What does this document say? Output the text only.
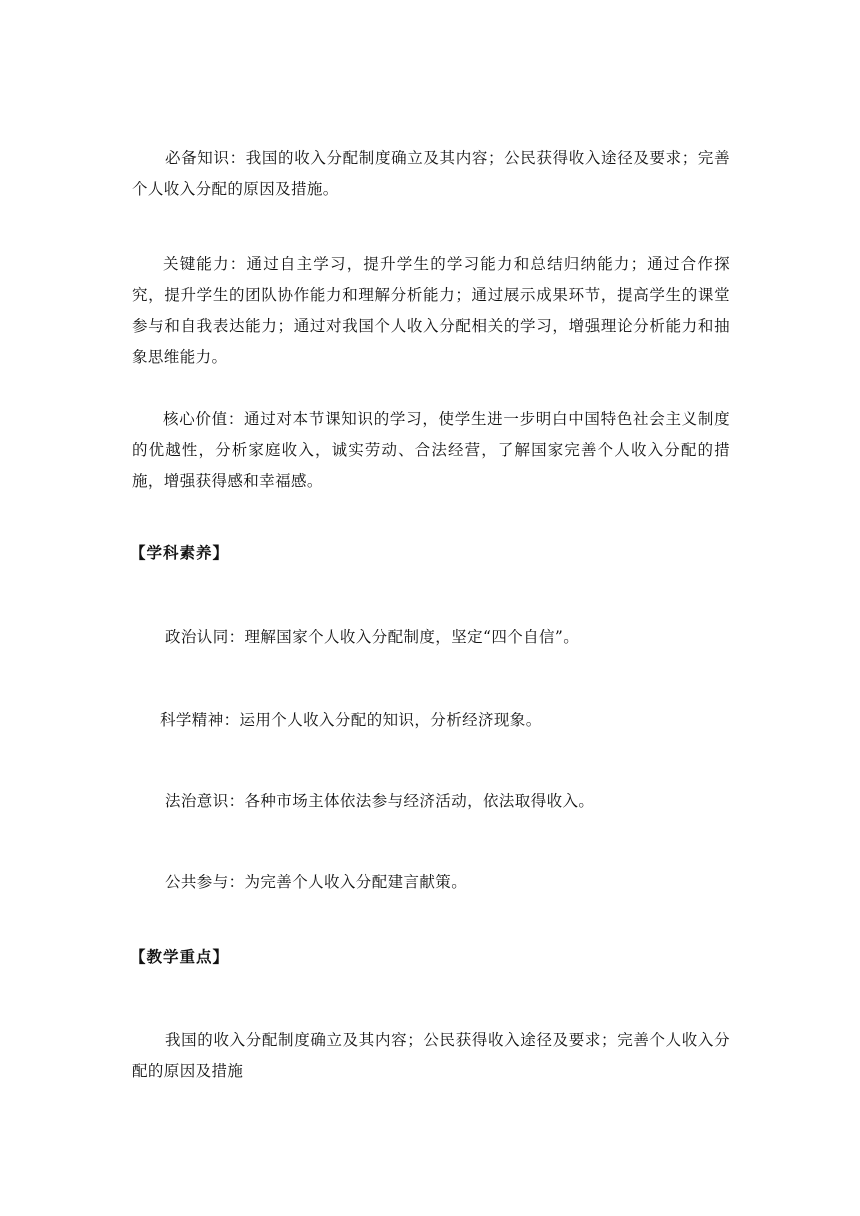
必备知识：我国的收入分配制度确立及其内容；公民获得收入途径及要求；完善个人收入分配的原因及措施。

关键能力：通过自主学习，提升学生的学习能力和总结归纳能力；通过合作探究，提升学生的团队协作能力和理解分析能力；通过展示成果环节，提高学生的课堂参与和自我表达能力；通过对我国个人收入分配相关的学习，增强理论分析能力和抽象思维能力。

核心价值：通过对本节课知识的学习，使学生进一步明白中国特色社会主义制度的优越性，分析家庭收入，诚实劳动、合法经营，了解国家完善个人收入分配的措施，增强获得感和幸福感。

【学科素养】

政治认同：理解国家个人收入分配制度，坚定“四个自信”。

科学精神：运用个人收入分配的知识，分析经济现象。

法治意识：各种市场主体依法参与经济活动，依法取得收入。

公共参与：为完善个人收入分配建言献策。

【教学重点】

我国的收入分配制度确立及其内容；公民获得收入途径及要求；完善个人收入分配的原因及措施
